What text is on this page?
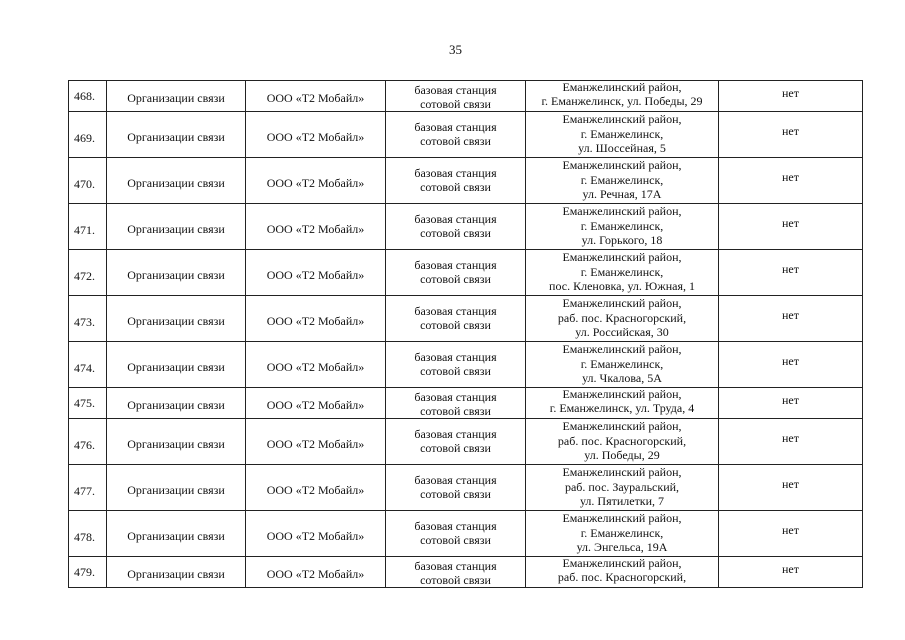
35
468.	Организации связи	ООО «Т2 Мобайл»	базовая станция
сотовой связи	Еманжелинский район,
г. Еманжелинск, ул. Победы, 29	нет
469.	Организации связи	ООО «Т2 Мобайл»	базовая станция
сотовой связи	Еманжелинский район,
г. Еманжелинск,
ул. Шоссейная, 5	нет
470.	Организации связи	ООО «Т2 Мобайл»	базовая станция
сотовой связи	Еманжелинский район,
г. Еманжелинск,
ул. Речная, 17А	нет
471.	Организации связи	ООО «Т2 Мобайл»	базовая станция
сотовой связи	Еманжелинский район,
г. Еманжелинск,
ул. Горького, 18	нет
472.	Организации связи	ООО «Т2 Мобайл»	базовая станция
сотовой связи	Еманжелинский район,
г. Еманжелинск,
пос. Кленовка, ул. Южная, 1	нет
473.	Организации связи	ООО «Т2 Мобайл»	базовая станция
сотовой связи	Еманжелинский район,
раб. пос. Красногорский,
ул. Российская, 30	нет
474.	Организации связи	ООО «Т2 Мобайл»	базовая станция
сотовой связи	Еманжелинский район,
г. Еманжелинск,
ул. Чкалова, 5А	нет
475.	Организации связи	ООО «Т2 Мобайл»	базовая станция
сотовой связи	Еманжелинский район,
г. Еманжелинск, ул. Труда, 4	нет
476.	Организации связи	ООО «Т2 Мобайл»	базовая станция
сотовой связи	Еманжелинский район,
раб. пос. Красногорский,
ул. Победы, 29	нет
477.	Организации связи	ООО «Т2 Мобайл»	базовая станция
сотовой связи	Еманжелинский район,
раб. пос. Зауральский,
ул. Пятилетки, 7	нет
478.	Организации связи	ООО «Т2 Мобайл»	базовая станция
сотовой связи	Еманжелинский район,
г. Еманжелинск,
ул. Энгельса, 19А	нет
479.	Организации связи	ООО «Т2 Мобайл»	базовая станция
сотовой связи	Еманжелинский район,
раб. пос. Красногорский,	нет
